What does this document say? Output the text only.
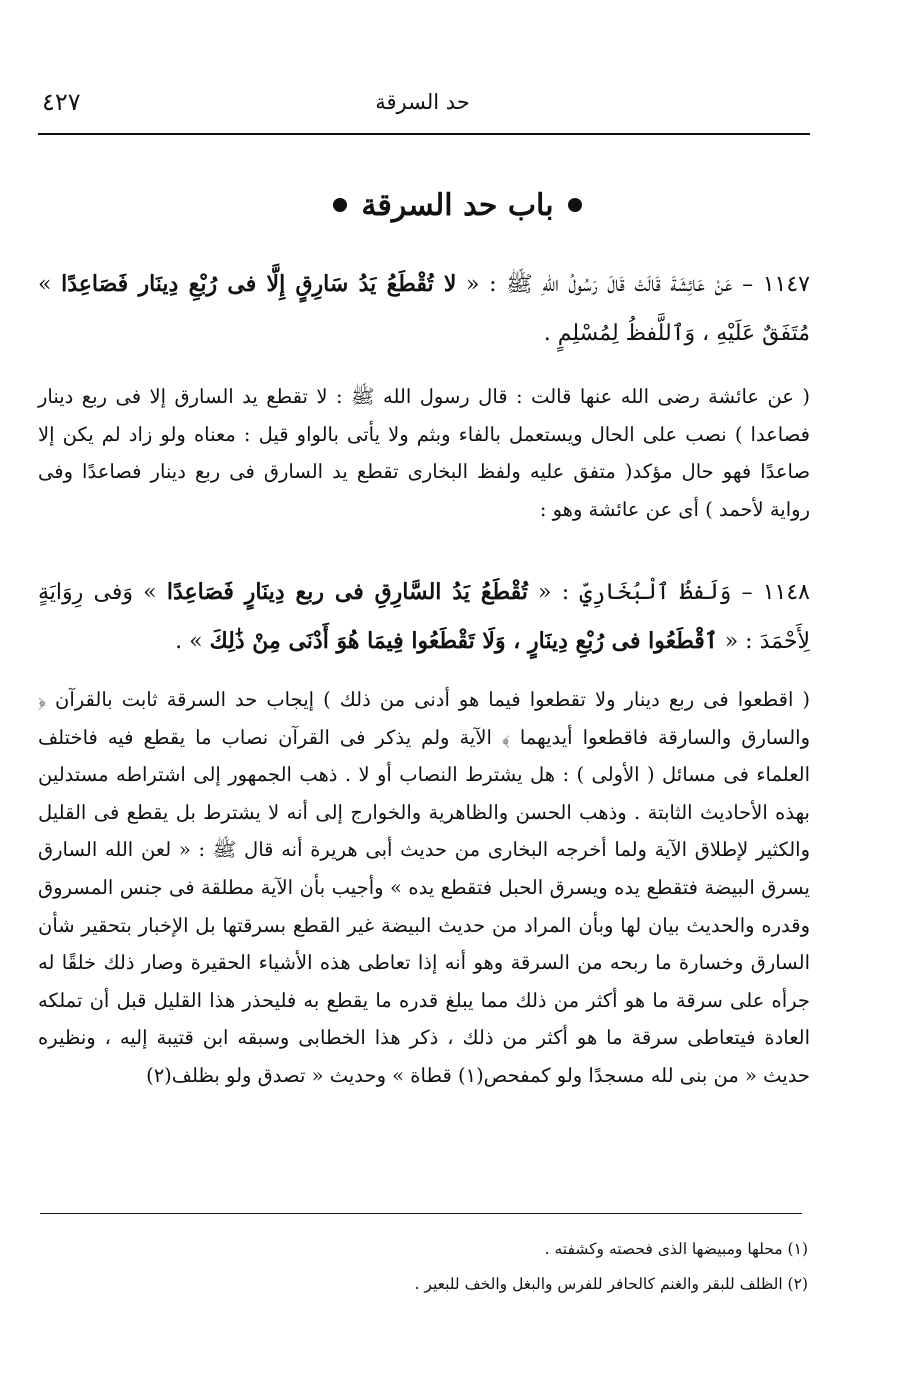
حد السرقة
٤٢٧
باب حد السرقة

١١٤٧ – عَنْ عَائِشَةَ قَالَتْ قَالَ رَسُولُ اللهِ ﷺ : « لا تُقْطَعُ يَدُ سَارِقٍ إِلَّا فى رُبْعِ دِينَار فَصَاعِدًا » مُتَفَقٌ عَلَيْهِ ، وَٱللَّفظُ لِمُسْلِمٍ .

( عن عائشة رضى الله عنها قالت : قال رسول الله ﷺ : لا تقطع يد السارق إلا فى ربع دينار فصاعدا ) نصب على الحال ويستعمل بالفاء وبثم ولا يأتى بالواو قيل : معناه ولو زاد لم يكن إلا صاعدًا فهو حال مؤكد( متفق عليه ولفظ البخارى تقطع يد السارق فى ربع دينار فصاعدًا وفى رواية لأحمد ) أى عن عائشة وهو :

١١٤٨ – وَلَفظُ ٱلْبُخَارِيِّ : « تُقْطَعُ يَدُ السَّارِقِ فى ربع دِينَارٍ فَصَاعِدًا » وَفى رِوَايَةٍ لِأَحْمَدَ : « ٱقْطَعُوا فى رُبْعِ دِينَارٍ ، وَلَا تَقْطَعُوا فِيمَا هُوَ أَدْنَى مِنْ ذَٰلِكَ » .

( اقطعوا فى ربع دينار ولا تقطعوا فيما هو أدنى من ذلك ) إيجاب حد السرقة ثابت بالقرآن ﴿ والسارق والسارقة فاقطعوا أيديهما ﴾ الآية ولم يذكر فى القرآن نصاب ما يقطع فيه فاختلف العلماء فى مسائل ( الأولى ) : هل يشترط النصاب أو لا . ذهب الجمهور إلى اشتراطه مستدلين بهذه الأحاديث الثابتة . وذهب الحسن والظاهرية والخوارج إلى أنه لا يشترط بل يقطع فى القليل والكثير لإطلاق الآية ولما أخرجه البخارى من حديث أبى هريرة أنه قال ﷺ : « لعن الله السارق يسرق البيضة فتقطع يده ويسرق الحبل فتقطع يده » وأجيب بأن الآية مطلقة فى جنس المسروق وقدره والحديث بيان لها وبأن المراد من حديث البيضة غير القطع بسرقتها بل الإخبار بتحقير شأن السارق وخسارة ما ربحه من السرقة وهو أنه إذا تعاطى هذه الأشياء الحقيرة وصار ذلك خلقًا له جرأه على سرقة ما هو أكثر من ذلك مما يبلغ قدره ما يقطع به فليحذر هذا القليل قبل أن تملكه العادة فيتعاطى سرقة ما هو أكثر من ذلك ، ذكر هذا الخطابى وسبقه ابن قتيبة إليه ، ونظيره حديث « من بنى لله مسجدًا ولو كمفحص(١) قطاة » وحديث « تصدق ولو بظلف(٢)

(١) محلها ومبيضها الذى فحصته وكشفته .
(٢) الظلف للبقر والغنم كالحافر للفرس والبغل والخف للبعير .
